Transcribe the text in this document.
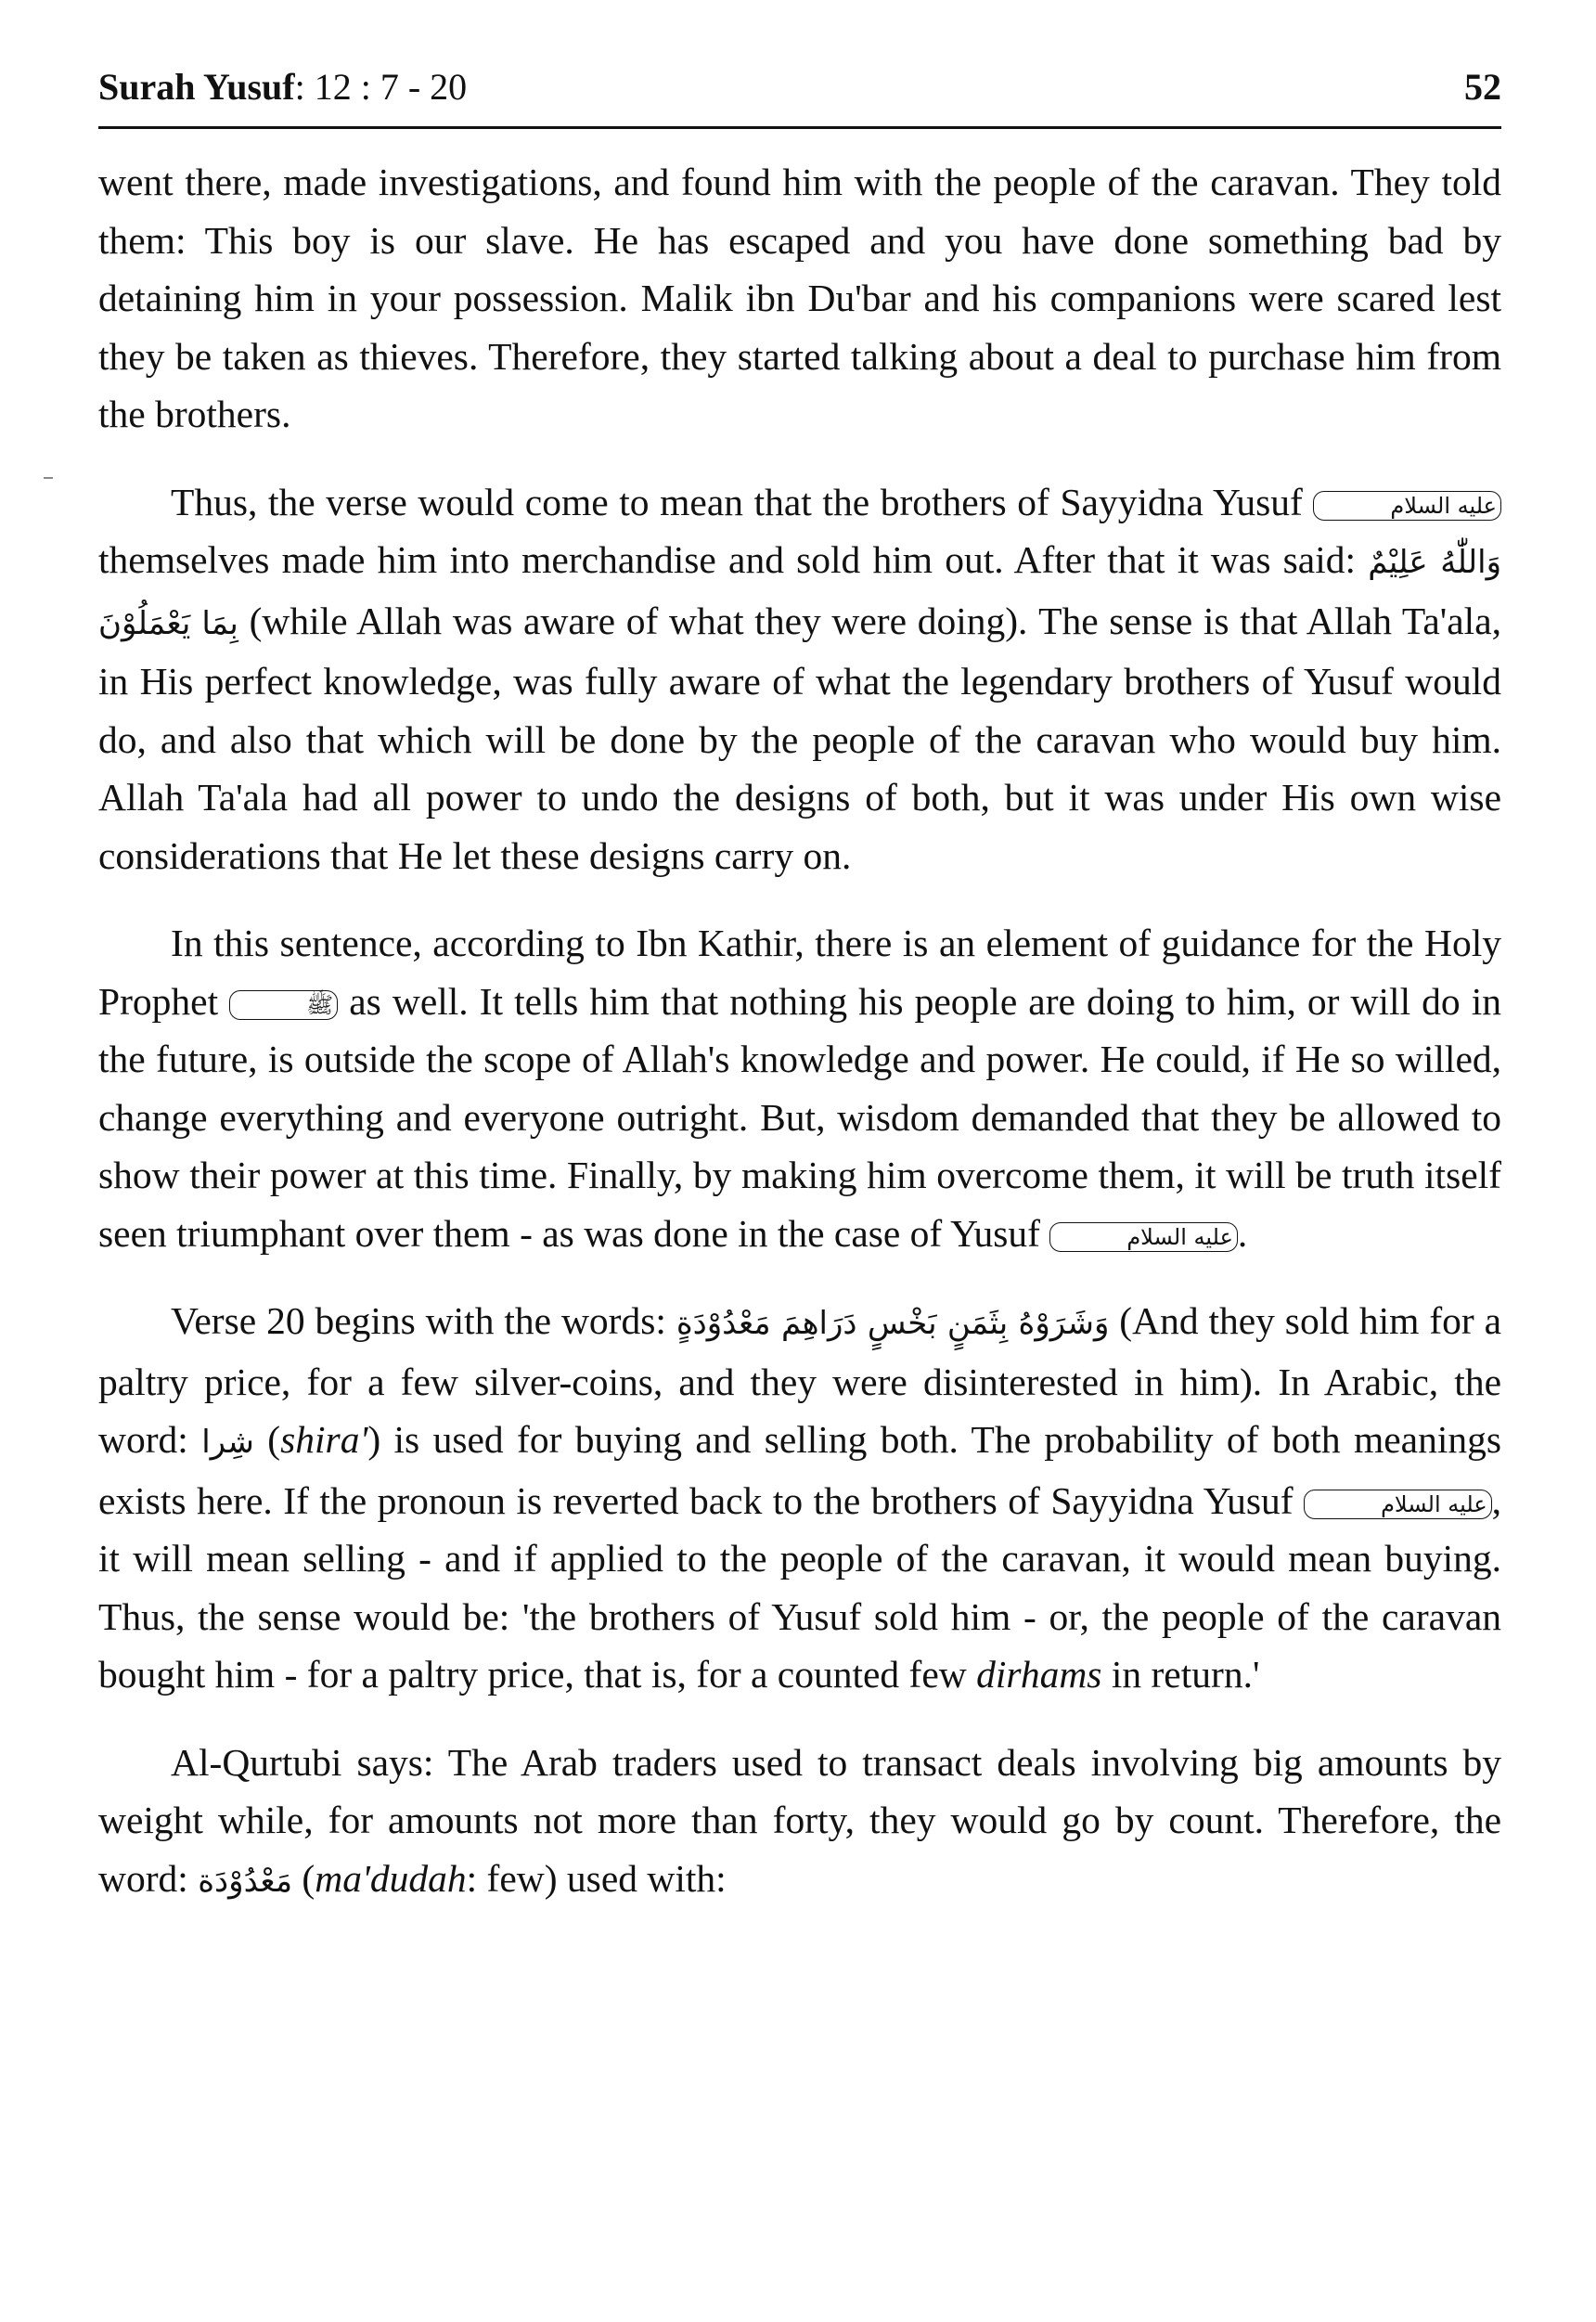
Surah Yusuf: 12 : 7 - 20	52

went there, made investigations, and found him with the people of the caravan. They told them: This boy is our slave. He has escaped and you have done something bad by detaining him in your possession. Malik ibn Du'bar and his companions were scared lest they be taken as thieves. Therefore, they started talking about a deal to purchase him from the brothers.

Thus, the verse would come to mean that the brothers of Sayyidna Yusuf	عليه السلام themselves made him into merchandise and sold him out. After that it was said: وَاللّٰهُ عَلِيْمٌ بِمَا يَعْمَلُوْنَ (while Allah was aware of what they were doing). The sense is that Allah Ta'ala, in His perfect knowledge, was fully aware of what the legendary brothers of Yusuf would do, and also that which will be done by the people of the caravan who would buy him. Allah Ta'ala had all power to undo the designs of both, but it was under His own wise considerations that He let these designs carry on.

In this sentence, according to Ibn Kathir, there is an element of guidance for the Holy Prophet	ﷺ as well. It tells him that nothing his people are doing to him, or will do in the future, is outside the scope of Allah's knowledge and power. He could, if He so willed, change everything and everyone outright. But, wisdom demanded that they be allowed to show their power at this time. Finally, by making him overcome them, it will be truth itself seen triumphant over them - as was done in the case of Yusuf	عليه السلام .

Verse 20 begins with the words: وَشَرَوْهُ بِثَمَنٍ بَخْسٍ دَرَاهِمَ مَعْدُوْدَةٍ (And they sold him for a paltry price, for a few silver-coins, and they were disinterested in him). In Arabic, the word: شِرا (shira') is used for buying and selling both. The probability of both meanings exists here. If the pronoun is reverted back to the brothers of Sayyidna Yusuf	عليه السلام , it will mean selling - and if applied to the people of the caravan, it would mean buying. Thus, the sense would be: 'the brothers of Yusuf sold him - or, the people of the caravan bought him - for a paltry price, that is, for a counted few dirhams in return.'

Al-Qurtubi says: The Arab traders used to transact deals involving big amounts by weight while, for amounts not more than forty, they would go by count. Therefore, the word: مَعْدُوْدَة (ma'dudah: few) used with:
